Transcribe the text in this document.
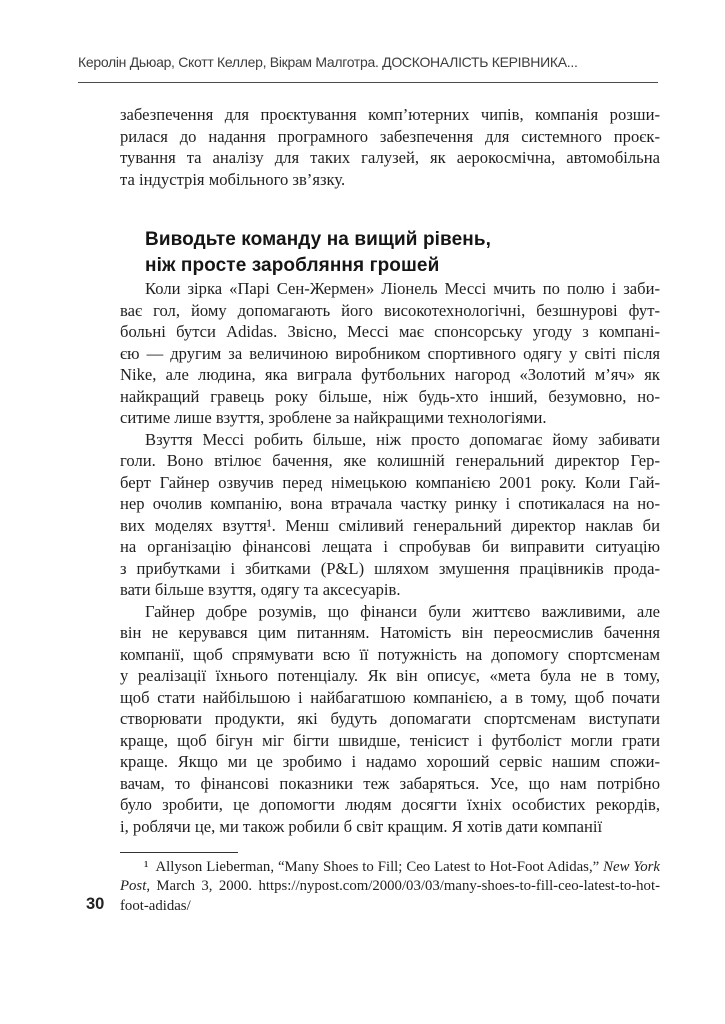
Керолін Дьюар, Скотт Келлер, Вікрам Малготра. ДОСКОНАЛІСТЬ КЕРІВНИКА...
забезпечення для проєктування комп’ютерних чипів, компанія розши-
рилася до надання програмного забезпечення для системного проєк-
тування та аналізу для таких галузей, як аерокосмічна, автомобільна
та індустрія мобільного зв’язку.
Виводьте команду на вищий рівень,
ніж просте заробляння грошей
Коли зірка «Парі Сен-Жермен» Ліонель Мессі мчить по полю і заби-
ває гол, йому допомагають його високотехнологічні, безшнурові фут-
больні бутси Adidas. Звісно, Мессі має спонсорську угоду з компані-
єю — другим за величиною виробником спортивного одягу у світі після
Nike, але людина, яка виграла футбольних нагород «Золотий м’яч» як
найкращий гравець року більше, ніж будь-хто інший, безумовно, но-
ситиме лише взуття, зроблене за найкращими технологіями.
Взуття Мессі робить більше, ніж просто допомагає йому забивати
голи. Воно втілює бачення, яке колишній генеральний директор Гер-
берт Гайнер озвучив перед німецькою компанією 2001 року. Коли Гай-
нер очолив компанію, вона втрачала частку ринку і спотикалася на но-
вих моделях взуття¹. Менш сміливий генеральний директор наклав би
на організацію фінансові лещата і спробував би виправити ситуацію
з прибутками і збитками (P&L) шляхом змушення працівників прода-
вати більше взуття, одягу та аксесуарів.
Гайнер добре розумів, що фінанси були життєво важливими, але
він не керувався цим питанням. Натомість він переосмислив бачення
компанії, щоб спрямувати всю її потужність на допомогу спортсменам
у реалізації їхнього потенціалу. Як він описує, «мета була не в тому,
щоб стати найбільшою і найбагатшою компанією, а в тому, щоб почати
створювати продукти, які будуть допомагати спортсменам виступати
краще, щоб бігун міг бігти швидше, тенісист і футболіст могли грати
краще. Якщо ми це зробимо і надамо хороший сервіс нашим спожи-
вачам, то фінансові показники теж забаряться. Усе, що нам потрібно
було зробити, це допомогти людям досягти їхніх особистих рекордів,
і, роблячи це, ми також робили б світ кращим. Я хотів дати компанії
¹ Allyson Lieberman, “Many Shoes to Fill; Ceo Latest to Hot-Foot Adidas,” New York
Post, March 3, 2000. https://nypost.com/2000/03/03/many-shoes-to-fill-ceo-latest-to-hot-
foot-adidas/
30
